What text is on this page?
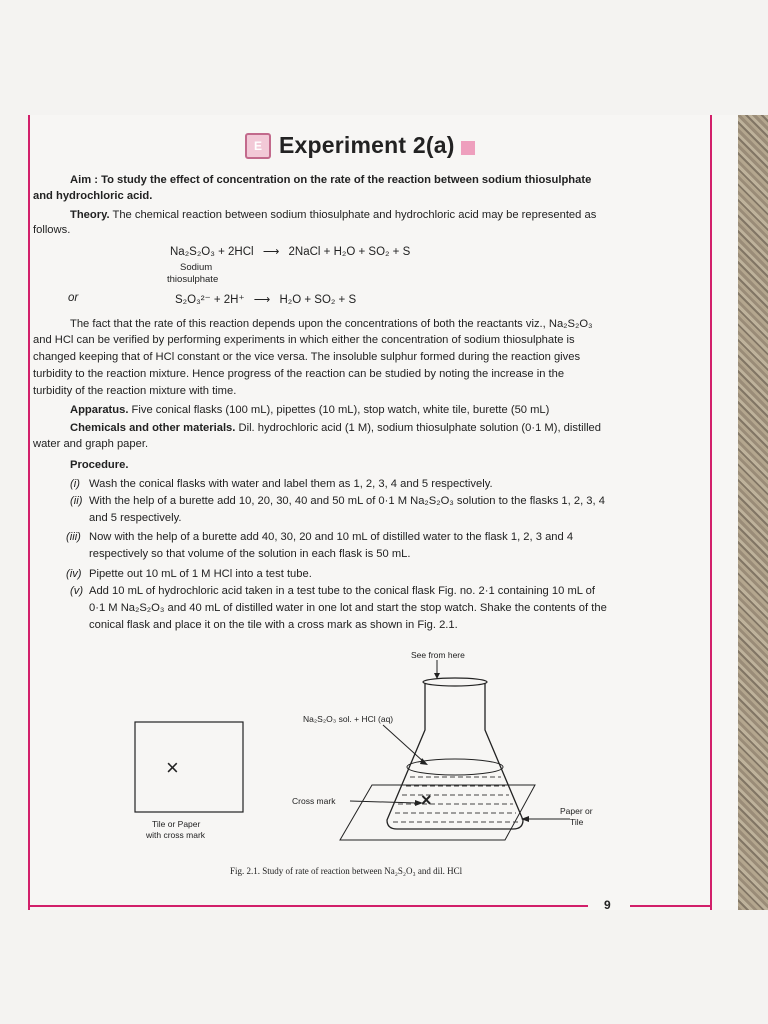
E Experiment 2(a)
Aim : To study the effect of concentration on the rate of the reaction between sodium thiosulphate
and hydrochloric acid.
Theory. The chemical reaction between sodium thiosulphate and hydrochloric acid may be represented as
follows.
Na₂S₂O₃ + 2HCl ⟶ 2NaCl + H₂O + SO₂ + S
Sodium
thiosulphate
or	S₂O₃²⁻ + 2H⁺ ⟶ H₂O + SO₂ + S
The fact that the rate of this reaction depends upon the concentrations of both the reactants viz., Na₂S₂O₃
and HCl can be verified by performing experiments in which either the concentration of sodium thiosulphate is
changed keeping that of HCl constant or the vice versa. The insoluble sulphur formed during the reaction gives
turbidity to the reaction mixture. Hence progress of the reaction can be studied by noting the increase in the
turbidity of the reaction mixture with time.
Apparatus. Five conical flasks (100 mL), pipettes (10 mL), stop watch, white tile, burette (50 mL)
Chemicals and other materials. Dil. hydrochloric acid (1 M), sodium thiosulphate solution (0·1 M), distilled
water and graph paper.
Procedure.
(i) Wash the conical flasks with water and label them as 1, 2, 3, 4 and 5 respectively.
(ii) With the help of a burette add 10, 20, 30, 40 and 50 mL of 0·1 M Na₂S₂O₃ solution to the flasks 1, 2, 3, 4
and 5 respectively.
(iii) Now with the help of a burette add 40, 30, 20 and 10 mL of distilled water to the flask 1, 2, 3 and 4
respectively so that volume of the solution in each flask is 50 mL.
(iv) Pipette out 10 mL of 1 M HCl into a test tube.
(v) Add 10 mL of hydrochloric acid taken in a test tube to the conical flask Fig. no. 2·1 containing 10 mL of
0·1 M Na₂S₂O₃ and 40 mL of distilled water in one lot and start the stop watch. Shake the contents of the
conical flask and place it on the tile with a cross mark as shown in Fig. 2.1.
×
×
See from here
Na₂S₂O₃ sol. + HCl (aq)
Cross mark
Paper or
Tile
Tile or Paper
with cross mark
Fig. 2.1. Study of rate of reaction between Na₂S₂O₃ and dil. HCl
9
